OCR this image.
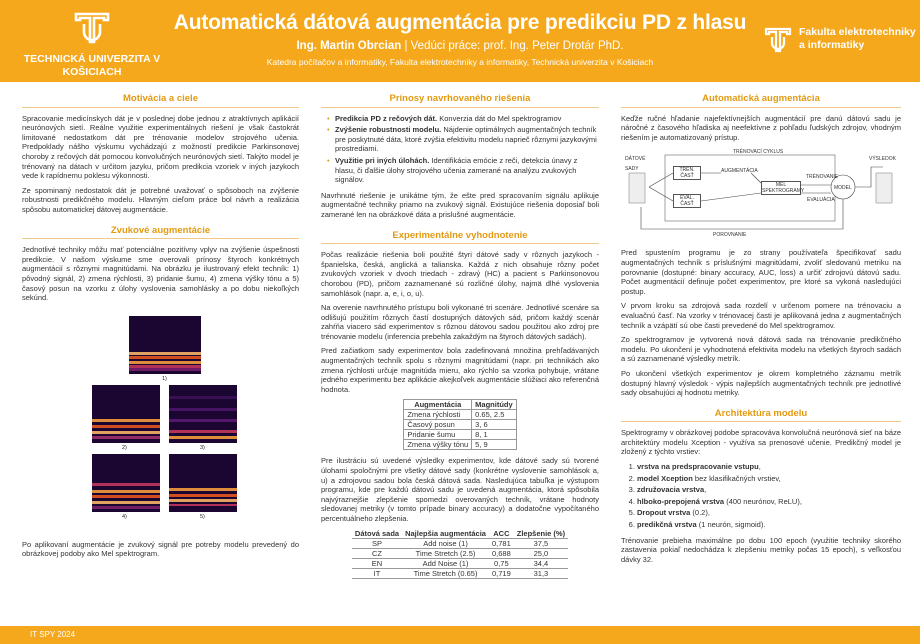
TECHNICKÁ UNIVERZITA V KOŠICIACH
Automatická dátová augmentácia pre predikciu PD z hlasu
Ing. Martin Obrcian | Vedúci práce: prof. Ing. Peter Drotár PhD.
Katedra počítačov a informatiky, Fakulta elektrotechniky a informatiky, Technická univerzita v Košiciach
Fakulta elektrotechniky a informatiky
Motivácia a ciele

Spracovanie medicínskych dát je v poslednej dobe jednou z atraktívnych aplikácií neurónových sietí. Reálne využitie experimentálnych riešení je však častokrát limitované nedostatkom dát pre trénovanie modelov strojového učenia. Predpoklady nášho výskumu vychádzajú z možností predikcie Parkinsonovej choroby z rečových dát pomocou konvolučných neurónových sietí. Takýto model je trénovaný na dátach v určitom jazyku, pričom predikcia vzoriek v iných jazykoch vede k rapídnemu poklesu výkonnosti.

Ze spominaný nedostatok dát je potrebné uvažovať o spôsoboch na zvýšenie robustnosti predikčného modelu. Hlavným cieľom práce bol návrh a realizácia spôsobu automatickej dátovej augmentácie.

Zvukové augmentácie

Jednotlivé techniky môžu mať potenciálne pozitívny vplyv na zvýšenie úspešnosti predikcie. V našom výskume sme overovali prínosy štyroch konkrétnych augmentácií s rôznymi magnitúdami. Na obrázku je ilustrovaný efekt techník: 1) pôvodný signál, 2) zmena rýchlosti, 3) pridanie šumu, 4) zmena výšky tónu a 5) časový posun na vzorku z úlohy vyslovenia samohlásky a po dobu niekoľkých sekúnd.

1)
2)	3)
4)	5)

Po aplikovaní augmentácie je zvukový signál pre potreby modelu prevedený do obrázkovej podoby ako Mel spektrogram.

Prínosy navrhovaného riešenia
• Predikcia PD z rečových dát. Konverzia dát do Mel spektrogramov
• Zvýšenie robustnosti modelu. Nájdenie optimálnych augmentačných techník pre poskytnuté dáta, ktoré zvýšia efektivitu modelu naprieč rôznymi jazykovými prostrediami.
• Využitie pri iných úlohách. Identifikácia emócie z reči, detekcia únavy z hlasu, či ďalšie úlohy strojového učenia zamerané na analýzu zvukových signálov.

Navrhnuté riešenie je unikátne tým, že ešte pred spracovaním signálu aplikuje augmentačné techniky priamo na zvukový signál. Existujúce riešenia doposiaľ boli zamerané len na obrázkové dáta a prislušné augmentácie.

Experimentálne vyhodnotenie

Počas realizácie riešenia boli použité štyri dátové sady v rôznych jazykoch - španielska, česká, anglická a talianska. Každá z nich obsahuje rôzny počet zvukových vzoriek v dvoch triedach - zdravý (HC) a pacient s Parkinsonovou chorobou (PD), pričom zaznamenané sú rozličné úlohy, najmä dlhé vyslovenia samohlások (napr. a, e, i, o, u).

Na overenie navrhnutého prístupu boli vykonané tri scenáre. Jednotlivé scenáre sa odlišujú použitím rôznych častí dostupných dátových sád, pričom každý scenár zahŕňa viacero sád experimentov s rôznou dátovou sadou použitou ako zdroj pre trénovanie modelu (inferencia prebehla zakaždým na štyroch dátových sadách).

Pred začiatkom sady experimentov bola zadefinovaná množina prehľadávaných augmentačných techník spolu s rôznymi magnitúdami (napr. pri technikách ako zmena rýchlosti určuje magnitúda mieru, ako rýchlo sa vzorka pohybuje, vrátane jedného experimentu bez aplikácie akejkoľvek augmentácie slúžiaci ako referenčná hodnota.

Augmentácia	Magnitúdy
Zmena rýchlosti	0.65, 2.5
Časový posun	3, 6
Pridanie šumu	8, 1
Zmena výšky tónu	5, 9

Pre ilustráciu sú uvedené výsledky experimentov, kde dátové sady sú tvorené úlohami spoločnými pre všetky dátové sady (konkrétne vyslovenie samohlások a, u) a zdrojovou sadou bola česká dátová sada. Nasledujúca tabuľka je výstupom programu, kde pre každú dátovú sadu je uvedená augmentácia, ktorá spôsobila najvýraznejšie zlepšenie spomedzi overovaných techník, vrátane hodnoty sledovanej metriky (v tomto prípade binary accuracy) a dodatočne vypočítaného percentuálneho zlepšenia.

Dátová sada	Najlepšia augmentácia	ACC	Zlepšenie (%)
SP	Add noise (1)	0,781	37,5
CZ	Time Stretch (2.5)	0,688	25,0
EN	Add Noise (1)	0,75	34,4
IT	Time Stretch (0.65)	0,719	31,3
Automatická augmentácia

Keďže ručné hľadanie najefektívnejších augmentácií pre danú dátovú sadu je náročné z časového hľadiska aj neefektívne z pohľadu ľudských zdrojov, vhodným riešením je automatizovaný prístup.

DÁTOVÉ SADY
TRÉNOVACÍ CYKLUS
VÝSLEDOK
TRÉN. ČASŤ
EVAL. ČASŤ
AUGMENTÁCIA
MEL SPEKTROGRAMY
TRÉNOVANIE
EVALUÁCIA
MODEL
POROVNANIE

Pred spustením programu je zo strany používateľa špecifikovať sadu augmentačných techník s príslušnými magnitúdami, zvoliť sledovanú metriku na porovnanie (dostupné: binary accuracy, AUC, loss) a určiť zdrojovú dátovú sadu. Počet augmentácií definuje počet experimentov, pre ktoré sa vykoná nasledujúci postup.

V prvom kroku sa zdrojová sada rozdelí v určenom pomere na trénovaciu a evaluačnú časť. Na vzorky v trénovacej časti je aplikovaná jedna z augmentačných techník a vzápätí sú obe časti prevedené do Mel spektrogramov.

Zo spektrogramov je vytvorená nová dátová sada na trénovanie predikčného modelu. Po ukončení je vyhodnotená efektivita modelu na všetkých štyroch sadách a sú zaznamenané výsledky metrík.

Po ukončení všetkých experimentov je okrem kompletného záznamu metrík dostupný hlavný výsledok - výpis najlepších augmentačných techník pre jednotlivé sady obsahujúci aj hodnotu metriky.

Architektúra modelu

Spektrogramy v obrázkovej podobe spracováva konvolučná neurónová sieť na báze architektúry modelu Xception - využíva sa prenosové učenie. Predikčný model je zložený z týchto vrstiev:

1. vrstva na predspracovanie vstupu,
2. model Xception bez klasifikačných vrstiev,
3. združovacia vrstva,
4. hlboko-prepojená vrstva (400 neurónov, ReLU),
5. Dropout vrstva (0.2),
6. predikčná vrstva (1 neurón, sigmoid).

Trénovanie prebieha maximálne po dobu 100 epoch (využitie techniky skorého zastavenia pokiaľ nedochádza k zlepšeniu metriky počas 15 epoch), s veľkosťou dávky 32.

IT SPY 2024
